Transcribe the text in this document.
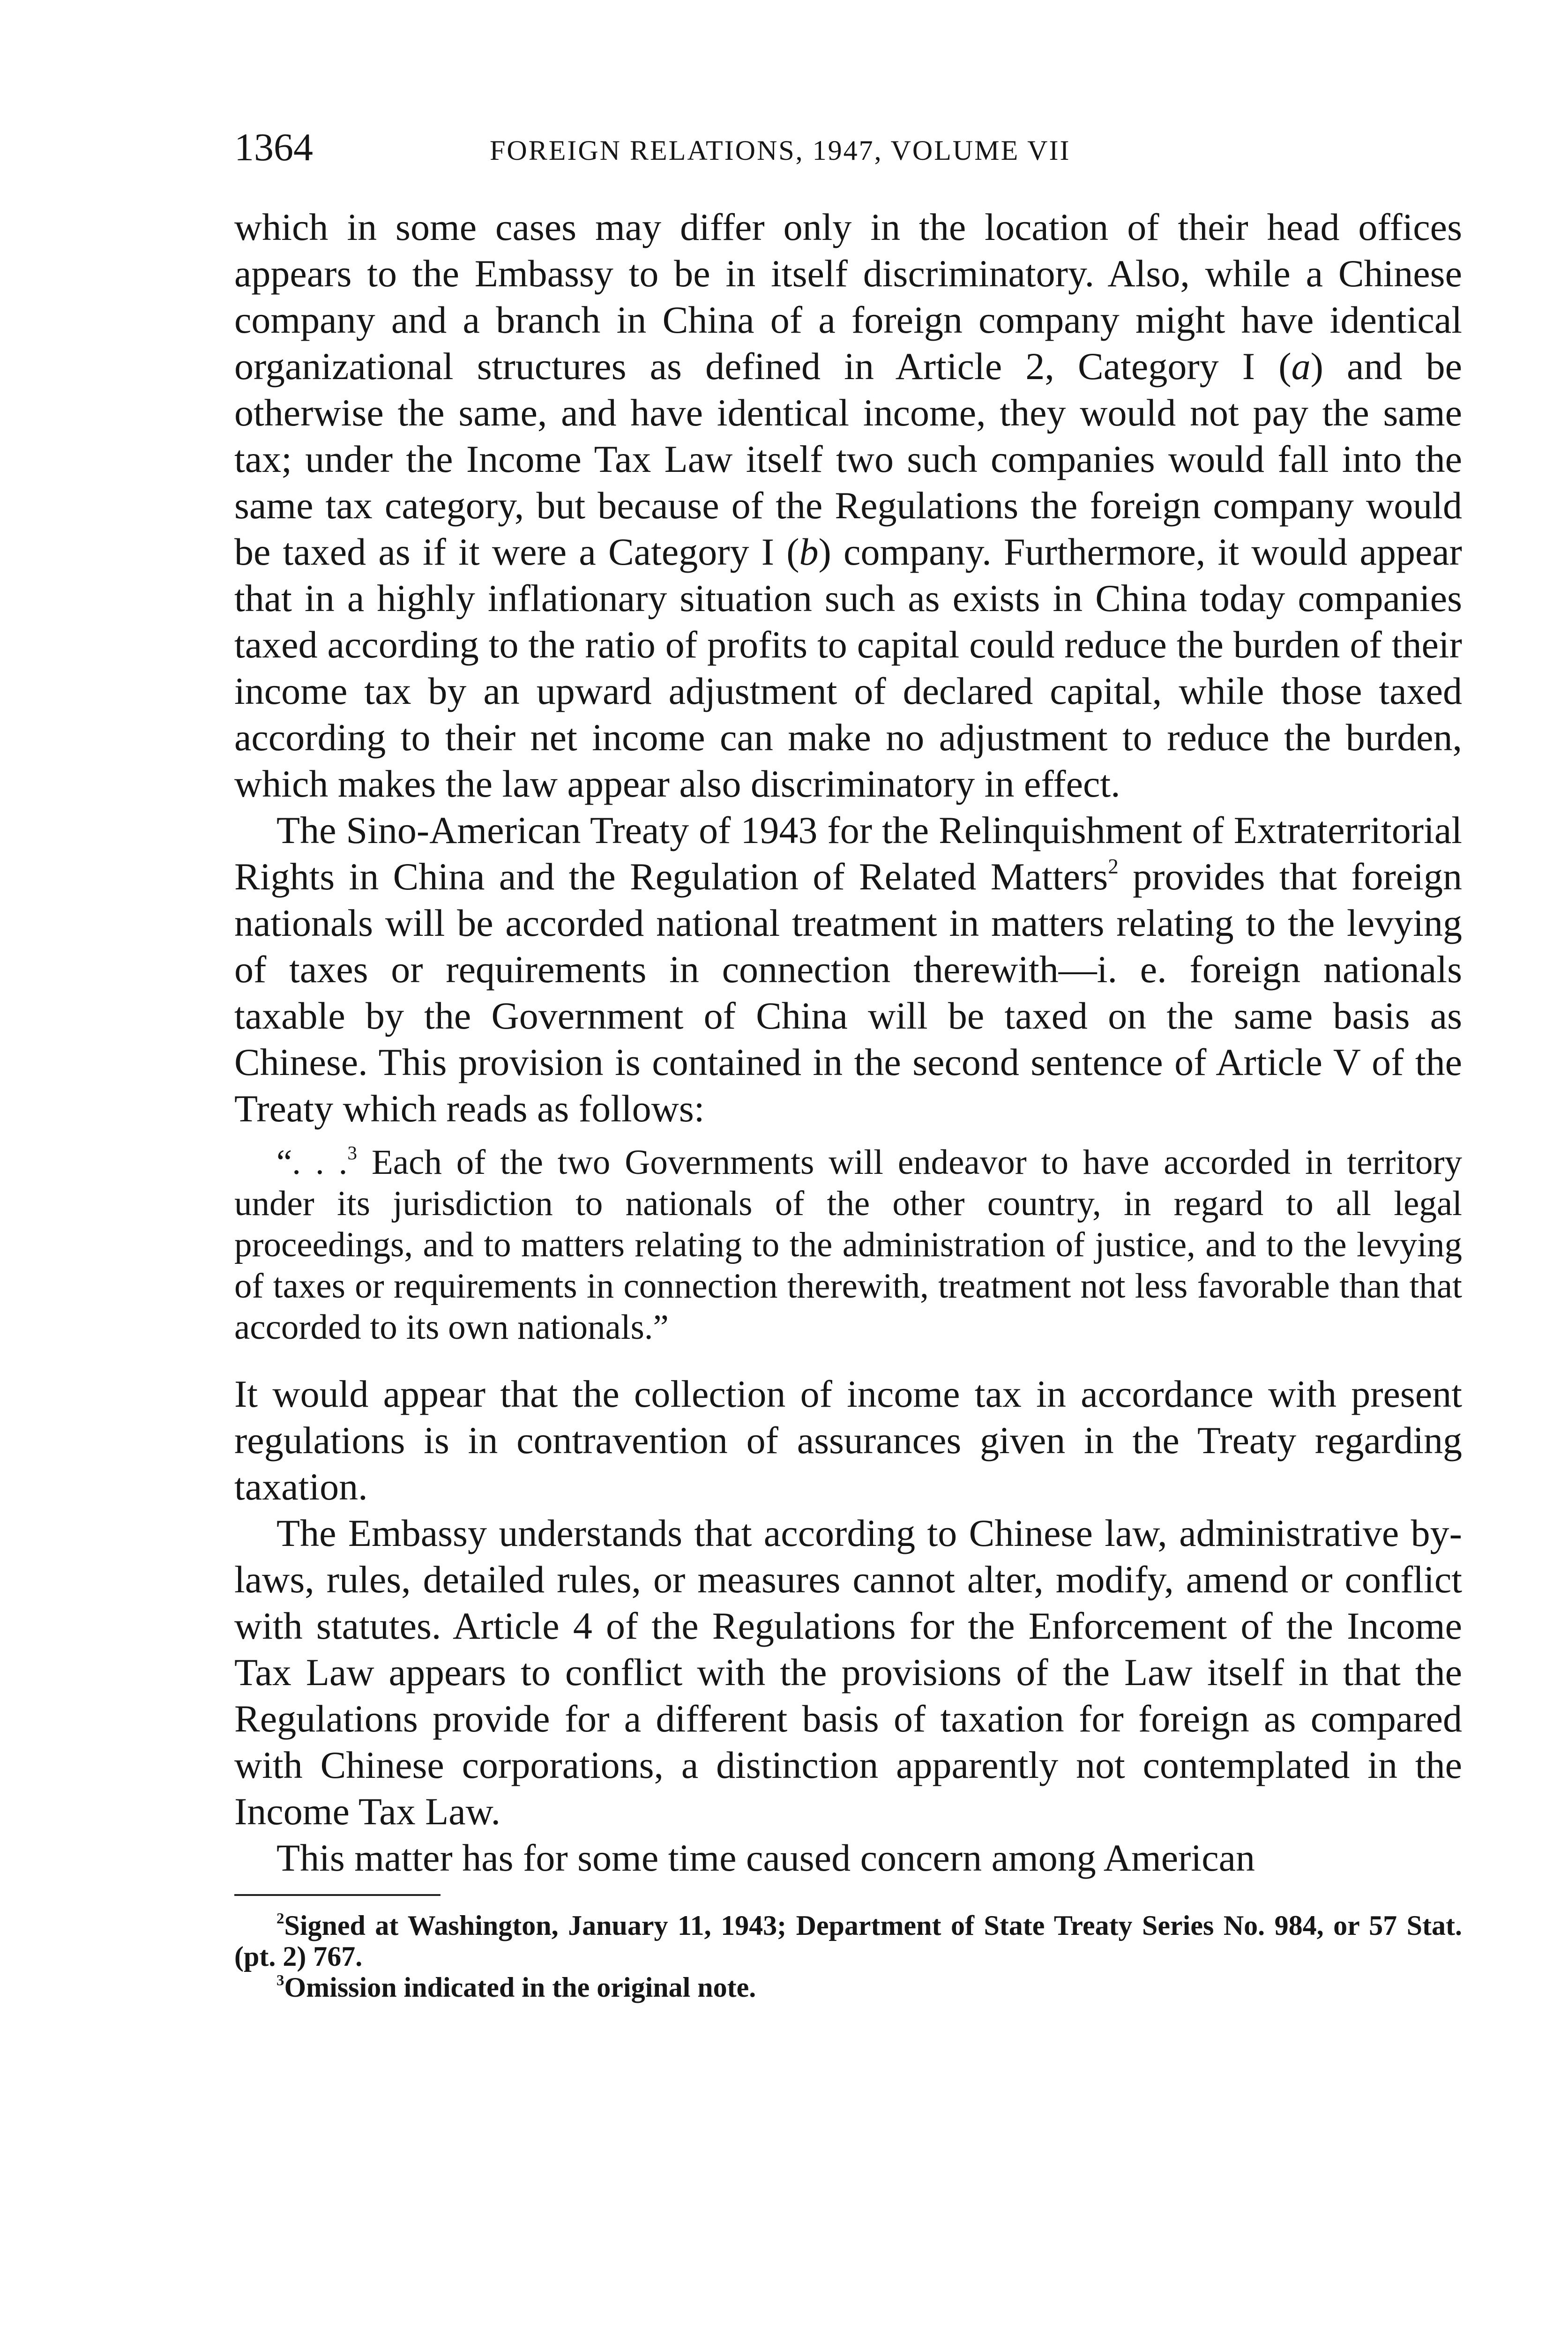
1364	FOREIGN RELATIONS, 1947, VOLUME VII

which in some cases may differ only in the location of their head offices appears to the Embassy to be in itself discriminatory. Also, while a Chinese company and a branch in China of a foreign company might have identical organizational structures as defined in Article 2, Category I (a) and be otherwise the same, and have identical income, they would not pay the same tax; under the Income Tax Law itself two such companies would fall into the same tax category, but because of the Regulations the foreign company would be taxed as if it were a Category I (b) company. Furthermore, it would appear that in a highly inflationary situation such as exists in China today companies taxed according to the ratio of profits to capital could reduce the burden of their income tax by an upward adjustment of declared capital, while those taxed according to their net income can make no adjustment to reduce the burden, which makes the law appear also discriminatory in effect.

The Sino-American Treaty of 1943 for the Relinquishment of Extraterritorial Rights in China and the Regulation of Related Matters$^2$ provides that foreign nationals will be accorded national treatment in matters relating to the levying of taxes or requirements in connection therewith—i. e. foreign nationals taxable by the Government of China will be taxed on the same basis as Chinese. This provision is contained in the second sentence of Article V of the Treaty which reads as follows:

“. . .$^3$ Each of the two Governments will endeavor to have accorded in territory under its jurisdiction to nationals of the other country, in regard to all legal proceedings, and to matters relating to the administration of justice, and to the levying of taxes or requirements in connection therewith, treatment not less favorable than that accorded to its own nationals.”

It would appear that the collection of income tax in accordance with present regulations is in contravention of assurances given in the Treaty regarding taxation.

The Embassy understands that according to Chinese law, administrative by-laws, rules, detailed rules, or measures cannot alter, modify, amend or conflict with statutes. Article 4 of the Regulations for the Enforcement of the Income Tax Law appears to conflict with the provisions of the Law itself in that the Regulations provide for a different basis of taxation for foreign as compared with Chinese corporations, a distinction apparently not contemplated in the Income Tax Law.

This matter has for some time caused concern among American

$^2$Signed at Washington, January 11, 1943; Department of State Treaty Series No. 984, or 57 Stat. (pt. 2) 767.

$^3$Omission indicated in the original note.
